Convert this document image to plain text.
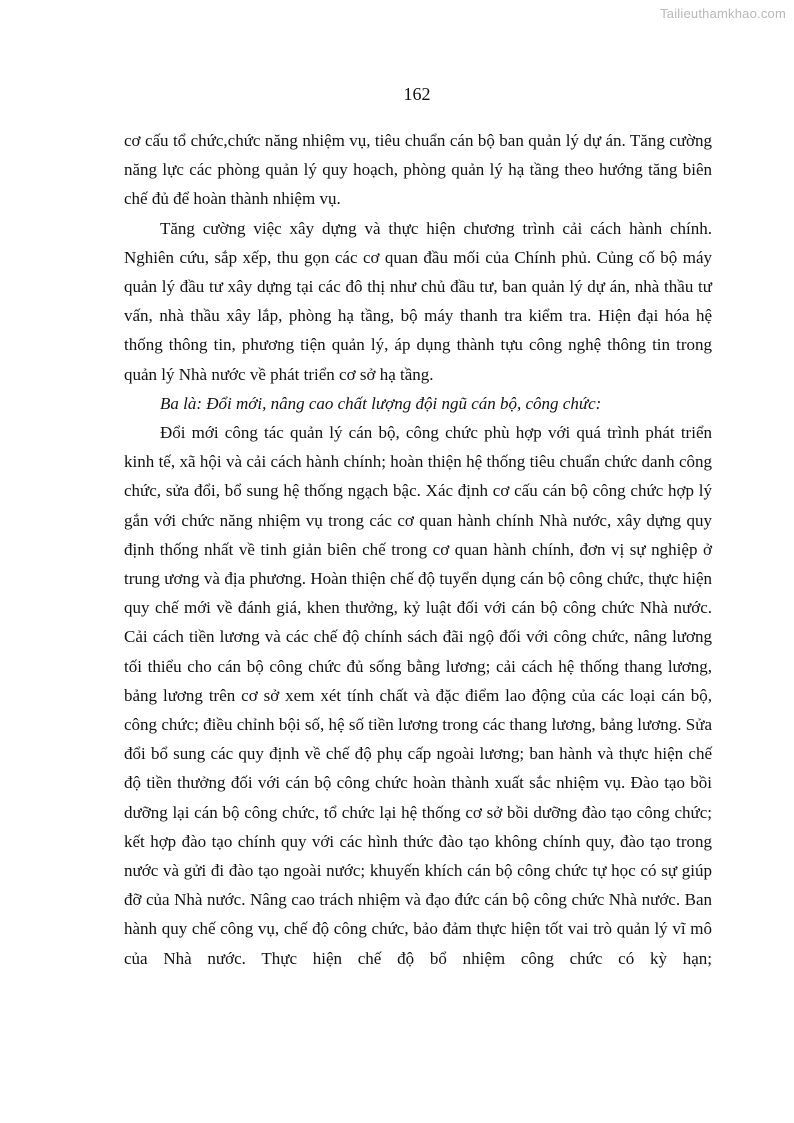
Tailieuthamkhao.com
162

cơ cấu tổ chức,chức năng nhiệm vụ, tiêu chuẩn cán bộ ban quản lý dự án. Tăng cường năng lực các phòng quản lý quy hoạch, phòng quản lý hạ tầng theo hướng tăng biên chế đủ để hoàn thành nhiệm vụ.

Tăng cường việc xây dựng và thực hiện chương trình cải cách hành chính. Nghiên cứu, sắp xếp, thu gọn các cơ quan đầu mối của Chính phủ. Củng cố bộ máy quản lý đầu tư xây dựng tại các đô thị như chủ đầu tư, ban quản lý dự án, nhà thầu tư vấn, nhà thầu xây lắp, phòng hạ tầng, bộ máy thanh tra kiểm tra. Hiện đại hóa hệ thống thông tin, phương tiện quản lý, áp dụng thành tựu công nghệ thông tin trong quản lý Nhà nước về phát triển cơ sở hạ tầng.

Ba là: Đổi mới, nâng cao chất lượng đội ngũ cán bộ, công chức:

Đổi mới công tác quản lý cán bộ, công chức phù hợp với quá trình phát triển kinh tế, xã hội và cải cách hành chính; hoàn thiện hệ thống tiêu chuẩn chức danh công chức, sửa đổi, bổ sung hệ thống ngạch bậc. Xác định cơ cấu cán bộ công chức hợp lý gắn với chức năng nhiệm vụ trong các cơ quan hành chính Nhà nước, xây dựng quy định thống nhất về tinh giản biên chế trong cơ quan hành chính, đơn vị sự nghiệp ở trung ương và địa phương. Hoàn thiện chế độ tuyển dụng cán bộ công chức, thực hiện quy chế mới về đánh giá, khen thưởng, kỷ luật đối với cán bộ công chức Nhà nước. Cải cách tiền lương và các chế độ chính sách đãi ngộ đối với công chức, nâng lương tối thiểu cho cán bộ công chức đủ sống bằng lương; cải cách hệ thống thang lương, bảng lương trên cơ sở xem xét tính chất và đặc điểm lao động của các loại cán bộ, công chức; điều chỉnh bội số, hệ số tiền lương trong các thang lương, bảng lương. Sửa đổi bổ sung các quy định về chế độ phụ cấp ngoài lương; ban hành và thực hiện chế độ tiền thưởng đối với cán bộ công chức hoàn thành xuất sắc nhiệm vụ. Đào tạo bồi dưỡng lại cán bộ công chức, tổ chức lại hệ thống cơ sở bồi dưỡng đào tạo công chức; kết hợp đào tạo chính quy với các hình thức đào tạo không chính quy, đào tạo trong nước và gửi đi đào tạo ngoài nước; khuyến khích cán bộ công chức tự học có sự giúp đỡ của Nhà nước. Nâng cao trách nhiệm và đạo đức cán bộ công chức Nhà nước. Ban hành quy chế công vụ, chế độ công chức, bảo đảm thực hiện tốt vai trò quản lý vĩ mô của Nhà nước. Thực hiện chế độ bổ nhiệm công chức có kỳ hạn;
